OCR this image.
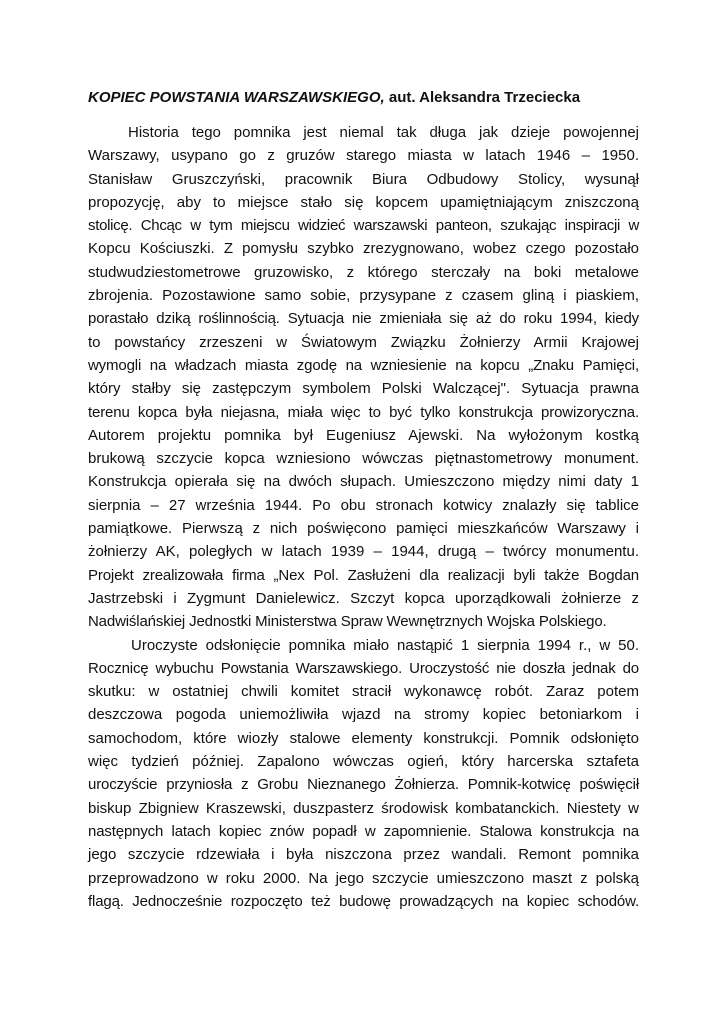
KOPIEC POWSTANIA WARSZAWSKIEGO, aut. Aleksandra Trzeciecka
Historia tego pomnika jest niemal tak długa jak dzieje powojennej
Warszawy, usypano go z gruzów starego miasta w latach 1946 – 1950.
Stanisław Gruszczyński, pracownik Biura Odbudowy Stolicy, wysunął
propozycję, aby to miejsce stało się kopcem upamiętniającym zniszczoną
stolicę. Chcąc w tym miejscu widzieć warszawski panteon, szukając inspiracji w
Kopcu Kościuszki. Z pomysłu szybko zrezygnowano, wobez czego pozostało
studwudziestometrowe gruzowisko, z którego sterczały na boki metalowe
zbrojenia. Pozostawione samo sobie, przysypane z czasem gliną i piaskiem,
porastało dziką roślinnością. Sytuacja nie zmieniała się aż do roku 1994, kiedy
to powstańcy zrzeszeni w Światowym Związku Żołnierzy Armii Krajowej
wymogli na władzach miasta zgodę na wzniesienie na kopcu „Znaku Pamięci,
który stałby się zastępczym symbolem Polski Walczącej". Sytuacja prawna
terenu kopca była niejasna, miała więc to być tylko konstrukcja prowizoryczna.
Autorem projektu pomnika był Eugeniusz Ajewski. Na wyłożonym kostką
brukową szczycie kopca wzniesiono wówczas piętnastometrowy monument.
Konstrukcja opierała się na dwóch słupach. Umieszczono między nimi daty 1
sierpnia – 27 września 1944. Po obu stronach kotwicy znalazły się tablice
pamiątkowe. Pierwszą z nich poświęcono pamięci mieszkańców Warszawy i
żołnierzy AK, poległych w latach 1939 – 1944, drugą – twórcy monumentu.
Projekt zrealizowała firma „Nex Pol. Zasłużeni dla realizacji byli także Bogdan
Jastrzebski i Zygmunt Danielewicz. Szczyt kopca uporządkowali żołnierze z
Nadwiślańskiej Jednostki Ministerstwa Spraw Wewnętrznych Wojska Polskiego.
Uroczyste odsłonięcie pomnika miało nastąpić 1 sierpnia 1994 r., w 50.
Rocznicę wybuchu Powstania Warszawskiego. Uroczystość nie doszła jednak do
skutku: w ostatniej chwili komitet stracił wykonawcę robót. Zaraz potem
deszczowa pogoda uniemożliwiła wjazd na stromy kopiec betoniarkom i
samochodom, które wiozły stalowe elementy konstrukcji. Pomnik odsłonięto
więc tydzień później. Zapalono wówczas ogień, który harcerska sztafeta
uroczyście przyniosła z Grobu Nieznanego Żołnierza. Pomnik-kotwicę poświęcił
biskup Zbigniew Kraszewski, duszpasterz środowisk kombatanckich. Niestety w
następnych latach kopiec znów popadł w zapomnienie. Stalowa konstrukcja na
jego szczycie rdzewiała i była niszczona przez wandali. Remont pomnika
przeprowadzono w roku 2000. Na jego szczycie umieszczono maszt z polską
flagą. Jednocześnie rozpoczęto też budowę prowadzących na kopiec schodów.
